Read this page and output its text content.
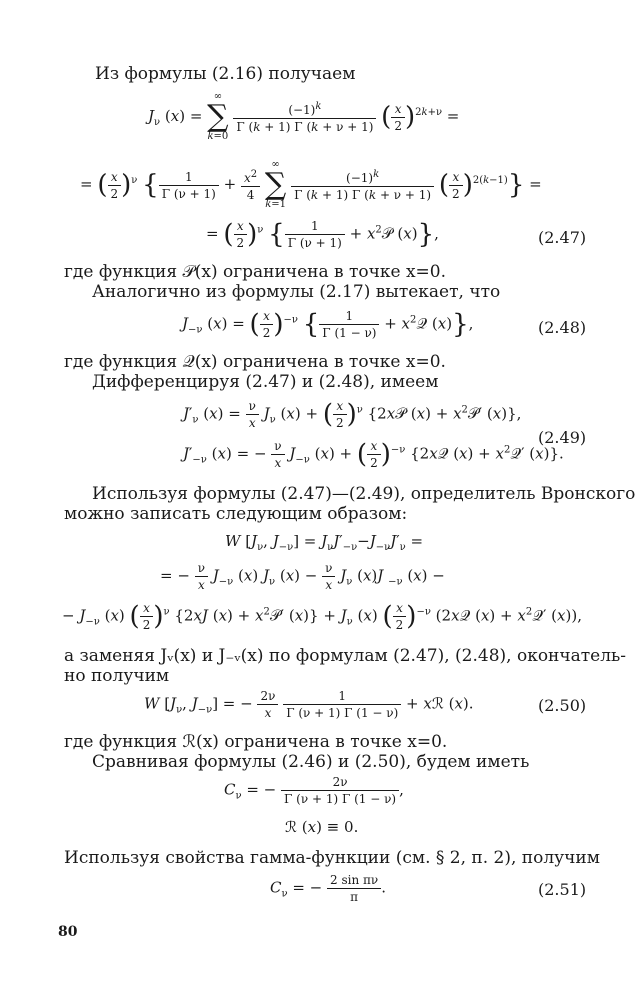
Из формулы (2.16) получаем
$J_\nu$ (x) = ∞
∑
k=0
$\frac{(-1)^k}{\Gamma (k + 1) \Gamma (k + \nu + 1)}$ ( $\frac{x}{2} )^{2k+\nu}$ =
= ( $\frac{x}{2} )^\nu$ { $\frac{1}{\Gamma (\nu + 1)} + \frac{x^2}{4}$
∞
∑
k=1
$\frac{(-1)^k}{\Gamma (k + 1) \Gamma (k + \nu + 1)}$ ( $\frac{x}{2} )^{2(k-1)}$} =
= ( $\frac{x}{2} )^\nu$ { $\frac{1}{\Gamma (\nu + 1)}$ + $x^2𝒫$ (x)},	(2.47)
где функция 𝒫(x) ограничена в точке x=0.
Аналогично из формулы (2.17) вытекает, что
$J_{-\nu}$ (x) = ( $\frac{x}{2} )^{-\nu}$ { $\frac{1}{\Gamma (1 - \nu)}$ + $x^2𝒬$ (x)},	(2.48)
где функция 𝒬(x) ограничена в точке x=0.
Дифференцируя (2.47) и (2.48), имеем
$J'_\nu$ $(x) = \frac{\nu}{x} J_\nu$ (x) + ( $\frac{x}{2} )^\nu$ {2x𝒫 $(x) + x^2𝒫'$ (x)},
$J'_{-\nu}$ (x) = − $\frac{\nu}{x} J_{-\nu}$ (x) + ( $\frac{x}{2} )^{-\nu}$ {2x𝒬 $(x) + x^2𝒬'$ (x)}.
(2.49)
Используя формулы (2.47)—(2.49), определитель Вронского
можно записать следующим образом:
W [$J_\nu$, $J_{-\nu}] = J_\nu J'_{-\nu}-J_{-\nu}J'_\nu$ =
= − $\frac{\nu}{x} J_{-\nu}$ (x) $J_\nu$ $(x) - \frac{\nu}{x} J_\nu$ (x)J $_{-\nu}$ (x) −
− $J_{-\nu}$ (x) ( $\frac{x}{2} )^\nu$ {2xJ $(x) + x^2𝒫'$ $(x)\} + J_\nu$ (x) ( $\frac{x}{2} )^{-\nu}$ (2x𝒬 $(x) + x^2𝒬'$ (x)),
а заменяя Jᵥ(x) и J₋ᵥ(x) по формулам (2.47), (2.48), окончатель-
но получим
W [$J_\nu$, $J_{-\nu}$] = − $\frac{2\nu}{x}$
$\frac{1}{\Gamma (\nu + 1) \Gamma (1 - \nu)}$ + xℛ (x).	(2.50)
где функция ℛ(x) ограничена в точке x=0.
Сравнивая формулы (2.46) и (2.50), будем иметь
$C_\nu$ = − $\frac{2\nu}{\Gamma (\nu + 1) \Gamma (1 - \nu)}$ ,
ℛ (x) ≡ 0.
Используя свойства гамма-функции (см. § 2, п. 2), получим
$C_\nu$ = − $\frac{\text{2 sin πν}}{\pi}$ .	(2.51)
80
